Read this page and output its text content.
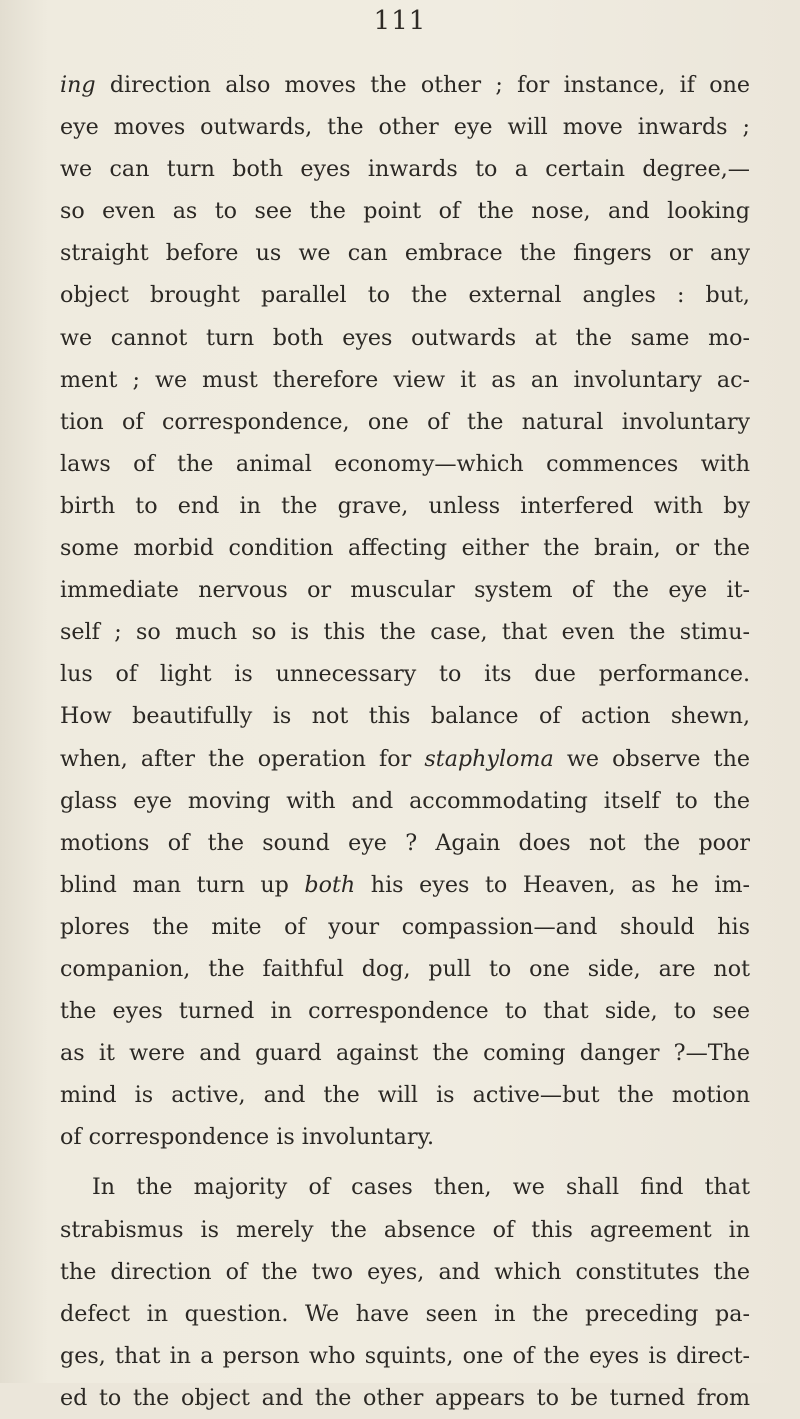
111
ing direction also moves the other ; for instance, if one
eye moves outwards, the other eye will move inwards ;
we can turn both eyes inwards to a certain degree,—
so even as to see the point of the nose, and looking
straight before us we can embrace the fingers or any
object brought parallel to the external angles : but,
we cannot turn both eyes outwards at the same mo-
ment ; we must therefore view it as an involuntary ac-
tion of correspondence, one of the natural involuntary
laws of the animal economy—which commences with
birth to end in the grave, unless interfered with by
some morbid condition affecting either the brain, or the
immediate nervous or muscular system of the eye it-
self ; so much so is this the case, that even the stimu-
lus of light is unnecessary to its due performance.
How beautifully is not this balance of action shewn,
when, after the operation for staphyloma we observe the
glass eye moving with and accommodating itself to the
motions of the sound eye ? Again does not the poor
blind man turn up both his eyes to Heaven, as he im-
plores the mite of your compassion—and should his
companion, the faithful dog, pull to one side, are not
the eyes turned in correspondence to that side, to see
as it were and guard against the coming danger ?—The
mind is active, and the will is active—but the motion
of correspondence is involuntary.
In the majority of cases then, we shall find that
strabismus is merely the absence of this agreement in
the direction of the two eyes, and which constitutes the
defect in question. We have seen in the preceding pa-
ges, that in a person who squints, one of the eyes is direct-
ed to the object and the other appears to be turned from
